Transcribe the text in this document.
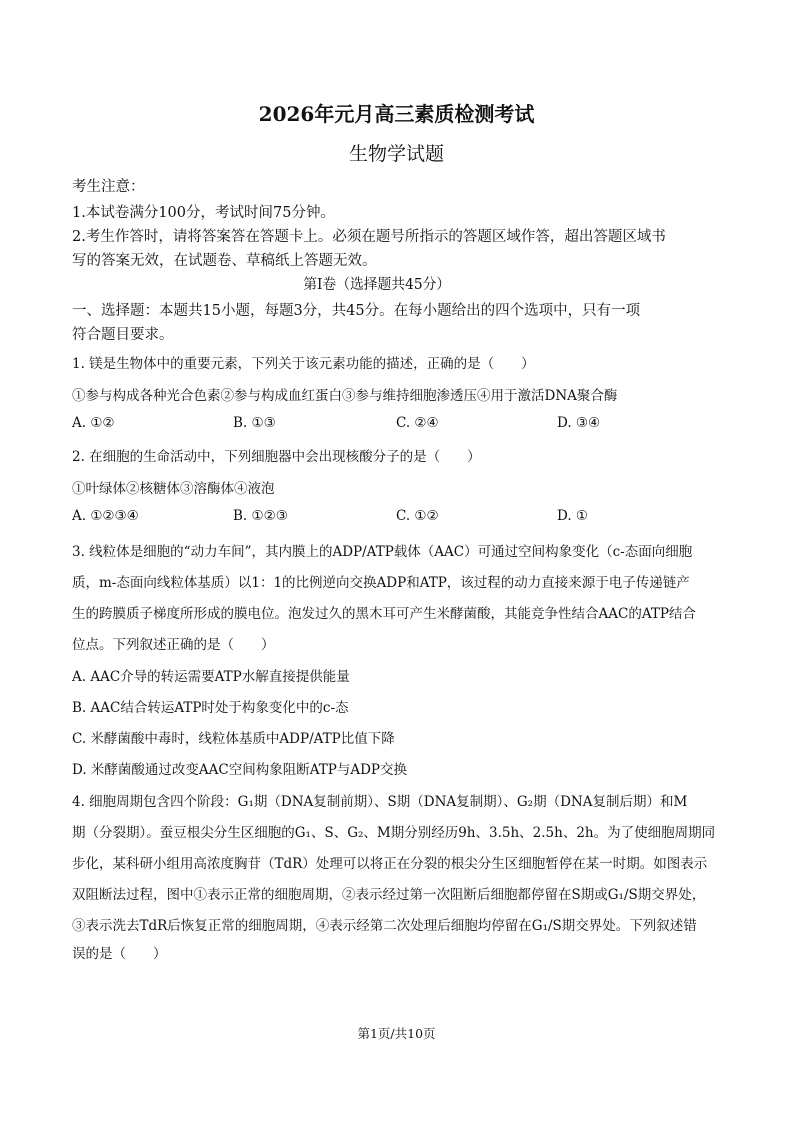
2026年元月高三素质检测考试
生物学试题
考生注意：
1.本试卷满分100分，考试时间75分钟。
2.考生作答时，请将答案答在答题卡上。必须在题号所指示的答题区域作答，超出答题区域书
写的答案无效，在试题卷、草稿纸上答题无效。
第Ⅰ卷（选择题共45分）
一、选择题：本题共15小题，每题3分，共45分。在每小题给出的四个选项中，只有一项
符合题目要求。
1. 镁是生物体中的重要元素，下列关于该元素功能的描述，正确的是（　　）
①参与构成各种光合色素②参与构成血红蛋白③参与维持细胞渗透压④用于激活DNA聚合酶
A. ①②	B. ①③	C. ②④	D. ③④
2. 在细胞的生命活动中，下列细胞器中会出现核酸分子的是（　　）
①叶绿体②核糖体③溶酶体④液泡
A. ①②③④	B. ①②③	C. ①②	D. ①
3. 线粒体是细胞的“动力车间”，其内膜上的ADP/ATP载体（AAC）可通过空间构象变化（c-态面向细胞
质，m-态面向线粒体基质）以1：1的比例逆向交换ADP和ATP，该过程的动力直接来源于电子传递链产
生的跨膜质子梯度所形成的膜电位。泡发过久的黑木耳可产生米酵菌酸，其能竞争性结合AAC的ATP结合
位点。下列叙述正确的是（　　）
A. AAC介导的转运需要ATP水解直接提供能量
B. AAC结合转运ATP时处于构象变化中的c-态
C. 米酵菌酸中毒时，线粒体基质中ADP/ATP比值下降
D. 米酵菌酸通过改变AAC空间构象阻断ATP与ADP交换
4. 细胞周期包含四个阶段：G₁期（DNA复制前期）、S期（DNA复制期）、G₂期（DNA复制后期）和M
期（分裂期）。蚕豆根尖分生区细胞的G₁、S、G₂、M期分别经历9h、3.5h、2.5h、2h。为了使细胞周期同
步化，某科研小组用高浓度胸苷（TdR）处理可以将正在分裂的根尖分生区细胞暂停在某一时期。如图表示
双阻断法过程，图中①表示正常的细胞周期，②表示经过第一次阻断后细胞都停留在S期或G₁/S期交界处，
③表示洗去TdR后恢复正常的细胞周期，④表示经第二次处理后细胞均停留在G₁/S期交界处。下列叙述错
误的是（　　）
第1页/共10页
